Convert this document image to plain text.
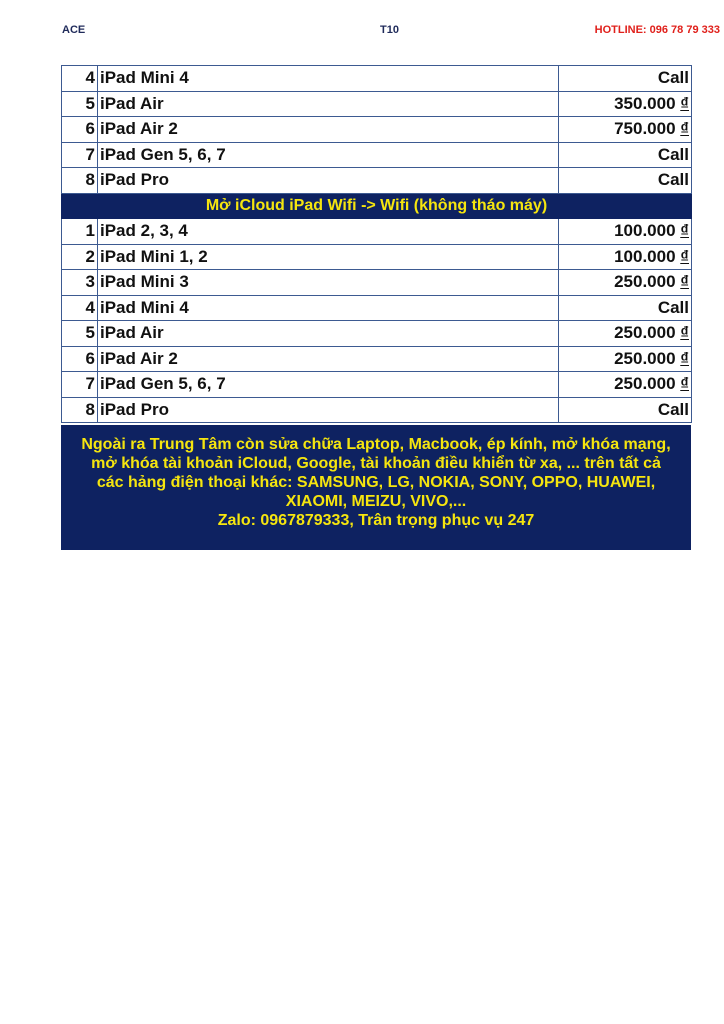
ACE	T10	HOTLINE: 096 78 79 333
4	iPad Mini 4	Call
5	iPad Air	350.000 ₫
6	iPad Air 2	750.000 ₫
7	iPad Gen 5, 6, 7	Call
8	iPad Pro	Call
Mở iCloud iPad Wifi -> Wifi (không tháo máy)		
1	iPad 2, 3, 4	100.000 ₫
2	iPad Mini 1, 2	100.000 ₫
3	iPad Mini 3	250.000 ₫
4	iPad Mini 4	Call
5	iPad Air	250.000 ₫
6	iPad Air 2	250.000 ₫
7	iPad Gen 5, 6, 7	250.000 ₫
8	iPad Pro	Call
Ngoài ra Trung Tâm còn sửa chữa Laptop, Macbook, ép kính, mở khóa mạng,
mở khóa tài khoản iCloud, Google, tài khoản điều khiển từ xa, ... trên tất cả
các hảng điện thoại khác: SAMSUNG, LG, NOKIA, SONY, OPPO, HUAWEI,
XIAOMI, MEIZU, VIVO,...
Zalo: 0967879333, Trân trọng phục vụ 247
